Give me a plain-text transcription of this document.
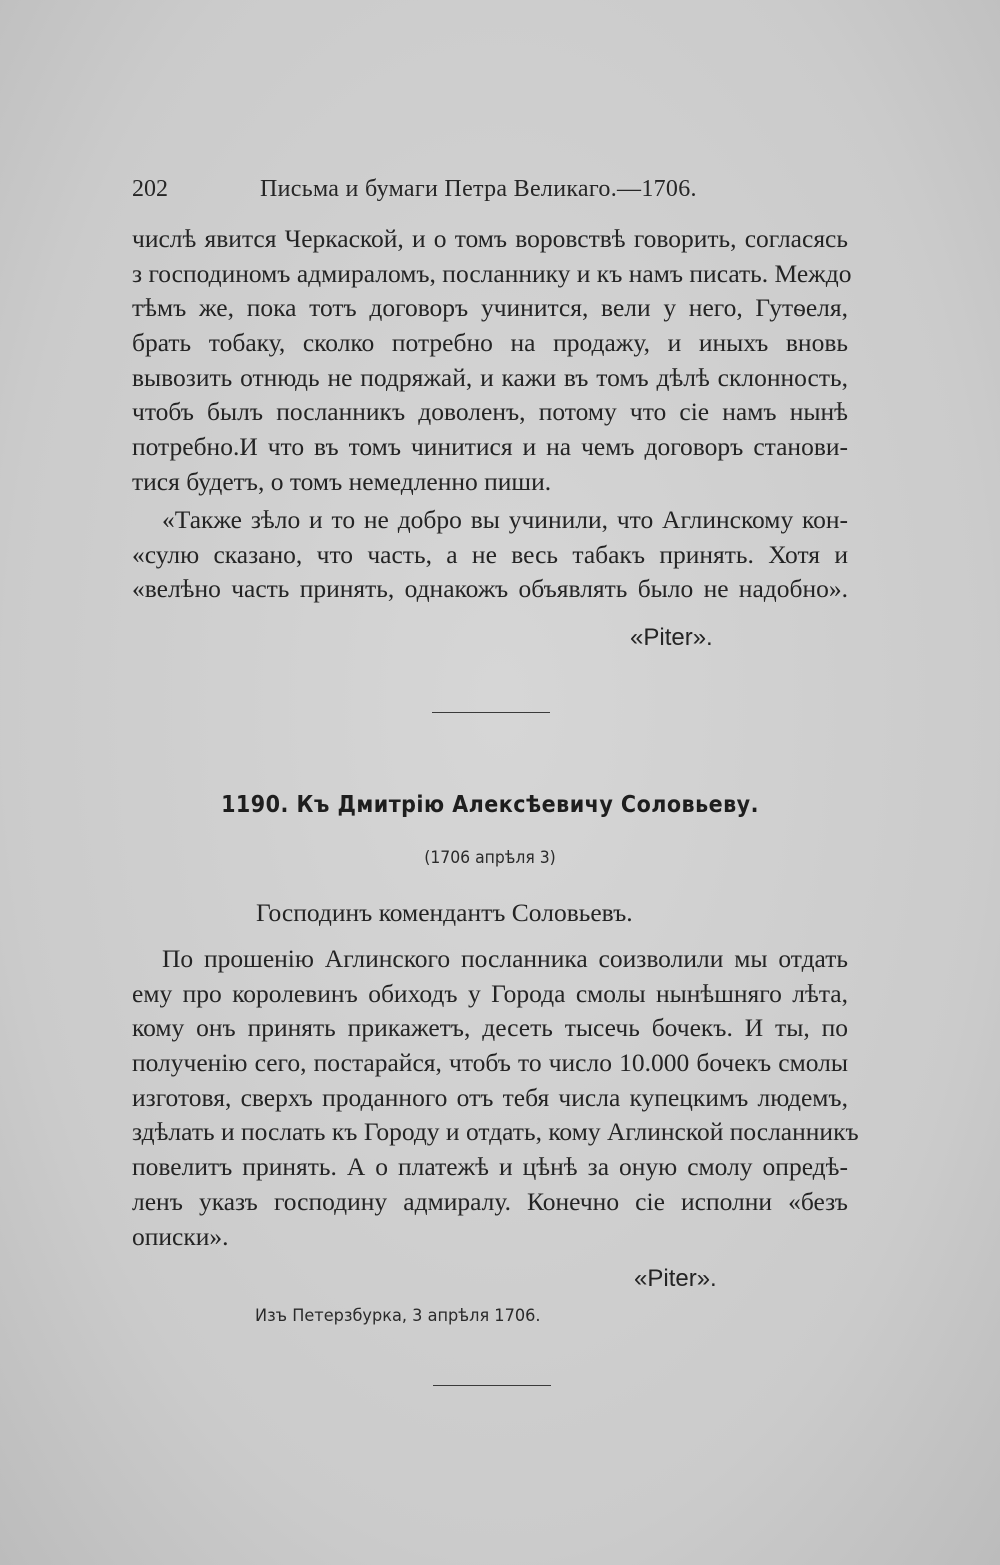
202	Письма и бумаги Петра Великаго.—1706.
числѣ явится Черкаской, и о томъ воровствѣ говорить, согласясь
з господиномъ адмираломъ, посланнику и къ намъ писать. Междо
тѣмъ же, пока тотъ договоръ учинится, вели у него, Гутѳеля,
брать тобаку, сколко потребно на продажу, и иныхъ вновь
вывозить отнюдь не подряжай, и кажи въ томъ дѣлѣ склонность,
чтобъ былъ посланникъ доволенъ, потому что сіе намъ нынѣ
потребно.И что въ томъ чинитися и на чемъ договоръ станови-
тися будетъ, о томъ немедленно пиши.
«Также зѣло и то не добро вы учинили, что Аглинскому кон-
«сулю сказано, что часть, а не весь табакъ принять. Хотя и
«велѣно часть принять, однакожъ объявлять было не надобно».
«Piter».
1190. Къ Дмитрію Алексѣевичу Соловьеву.
(1706 апрѣля 3)
Господинъ комендантъ Соловьевъ.
По прошенію Аглинского посланника соизволили мы отдать
ему про королевинъ обиходъ у Города смолы нынѣшняго лѣта,
кому онъ принять прикажетъ, десеть тысечь бочекъ. И ты, по
полученію сего, постарайся, чтобъ то число 10.000 бочекъ смолы
изготовя, сверхъ проданного отъ тебя числа купецкимъ людемъ,
здѣлать и послать къ Городу и отдать, кому Аглинской посланникъ
повелитъ принять. А о платежѣ и цѣнѣ за оную смолу опредѣ-
ленъ указъ господину адмиралу. Конечно сіе исполни «безъ
описки».
«Piter».
Изъ Петерзбурка, 3 апрѣля 1706.
